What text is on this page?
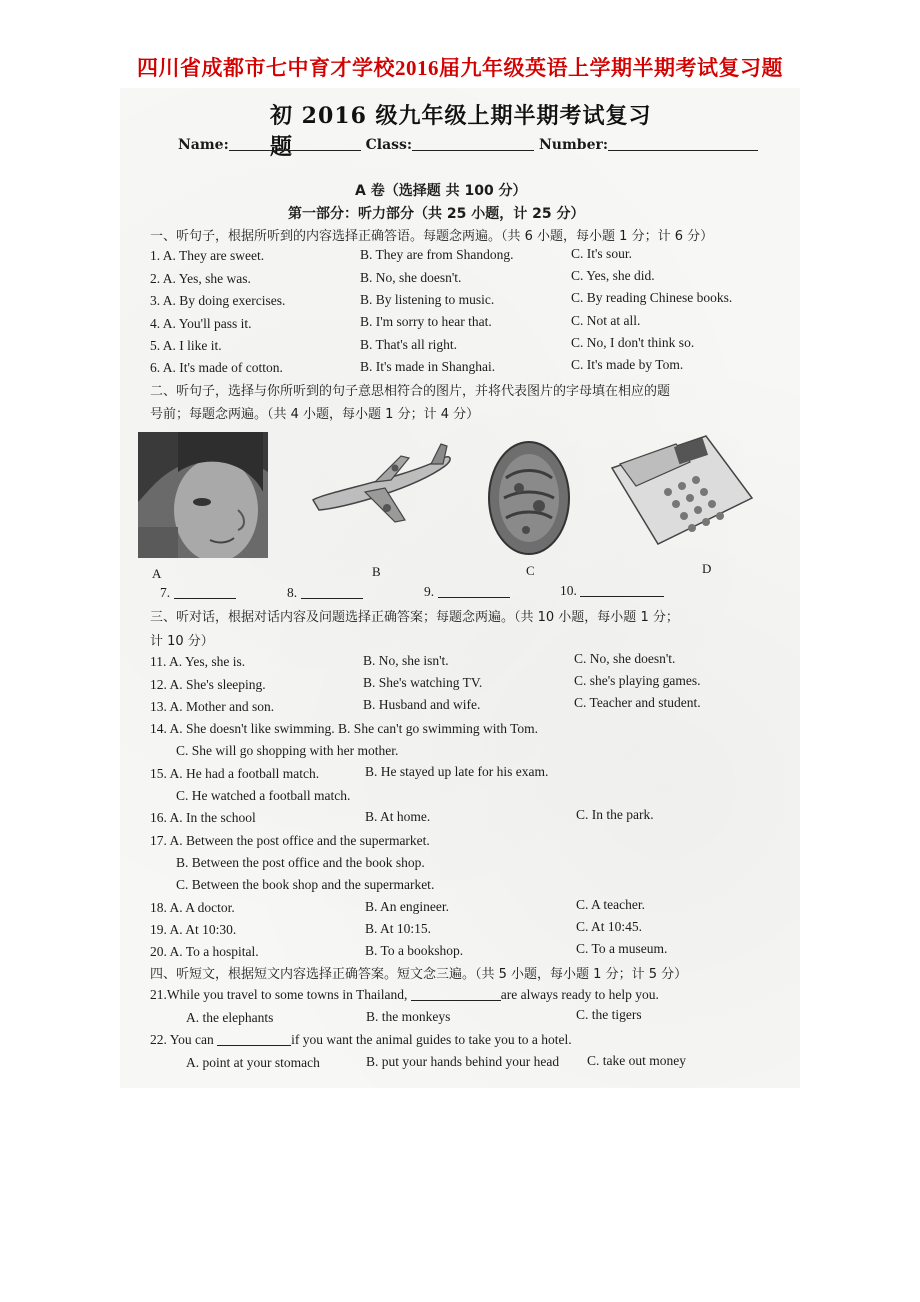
四川省成都市七中育才学校2016届九年级英语上学期半期考试复习题
初 2016 级九年级上期半期考试复习题
Name:	Class:	Number:
A 卷（选择题 共 100 分）
第一部分：听力部分（共 25 小题，计 25 分）
一、听句子，根据所听到的内容选择正确答语。每题念两遍。（共 6 小题，每小题 1 分；计 6 分）
1. A. They are sweet.	B. They are from Shandong.	C. It's sour.
2. A. Yes, she was.	B. No, she doesn't.	C. Yes, she did.
3. A. By doing exercises.	B. By listening to music.	C. By reading Chinese books.
4. A. You'll pass it.	B. I'm sorry to hear that.	C. Not at all.
5. A. I like it.	B. That's all right.	C. No, I don't think so.
6. A. It's made of cotton.	B. It's made in Shanghai.	C. It's made by Tom.
二、听句子，选择与你所听到的句子意思相符合的图片，并将代表图片的字母填在相应的题
号前；每题念两遍。（共 4 小题，每小题 1 分；计 4 分）
A	B	C	D
7.	8.	9.	10.
三、听对话，根据对话内容及问题选择正确答案；每题念两遍。（共 10 小题，每小题 1 分；
计 10 分）
11. A. Yes, she is.	B. No, she isn't.	C. No, she doesn't.
12. A. She's sleeping.	B. She's watching TV.	C. she's playing games.
13. A. Mother and son.	B. Husband and wife.	C. Teacher and student.
14. A. She doesn't like swimming. B. She can't go swimming with Tom.
C. She will go shopping with her mother.
15. A. He had a football match.	B. He stayed up late for his exam.
C. He watched a football match.
16. A. In the school	B. At home.	C. In the park.
17. A. Between the post office and the supermarket.
B. Between the post office and the book shop.
C. Between the book shop and the supermarket.
18. A. A doctor.	B. An engineer.	C. A teacher.
19. A. At 10:30.	B. At 10:15.	C. At 10:45.
20. A. To a hospital.	B. To a bookshop.	C. To a museum.
四、听短文，根据短文内容选择正确答案。短文念三遍。（共 5 小题，每小题 1 分；计 5 分）
21.While you travel to some towns in Thailand,	are always ready to help you.
A. the elephants	B. the monkeys	C. the tigers
22. You can	if you want the animal guides to take you to a hotel.
A. point at your stomach	B. put your hands behind your head C. take out money
